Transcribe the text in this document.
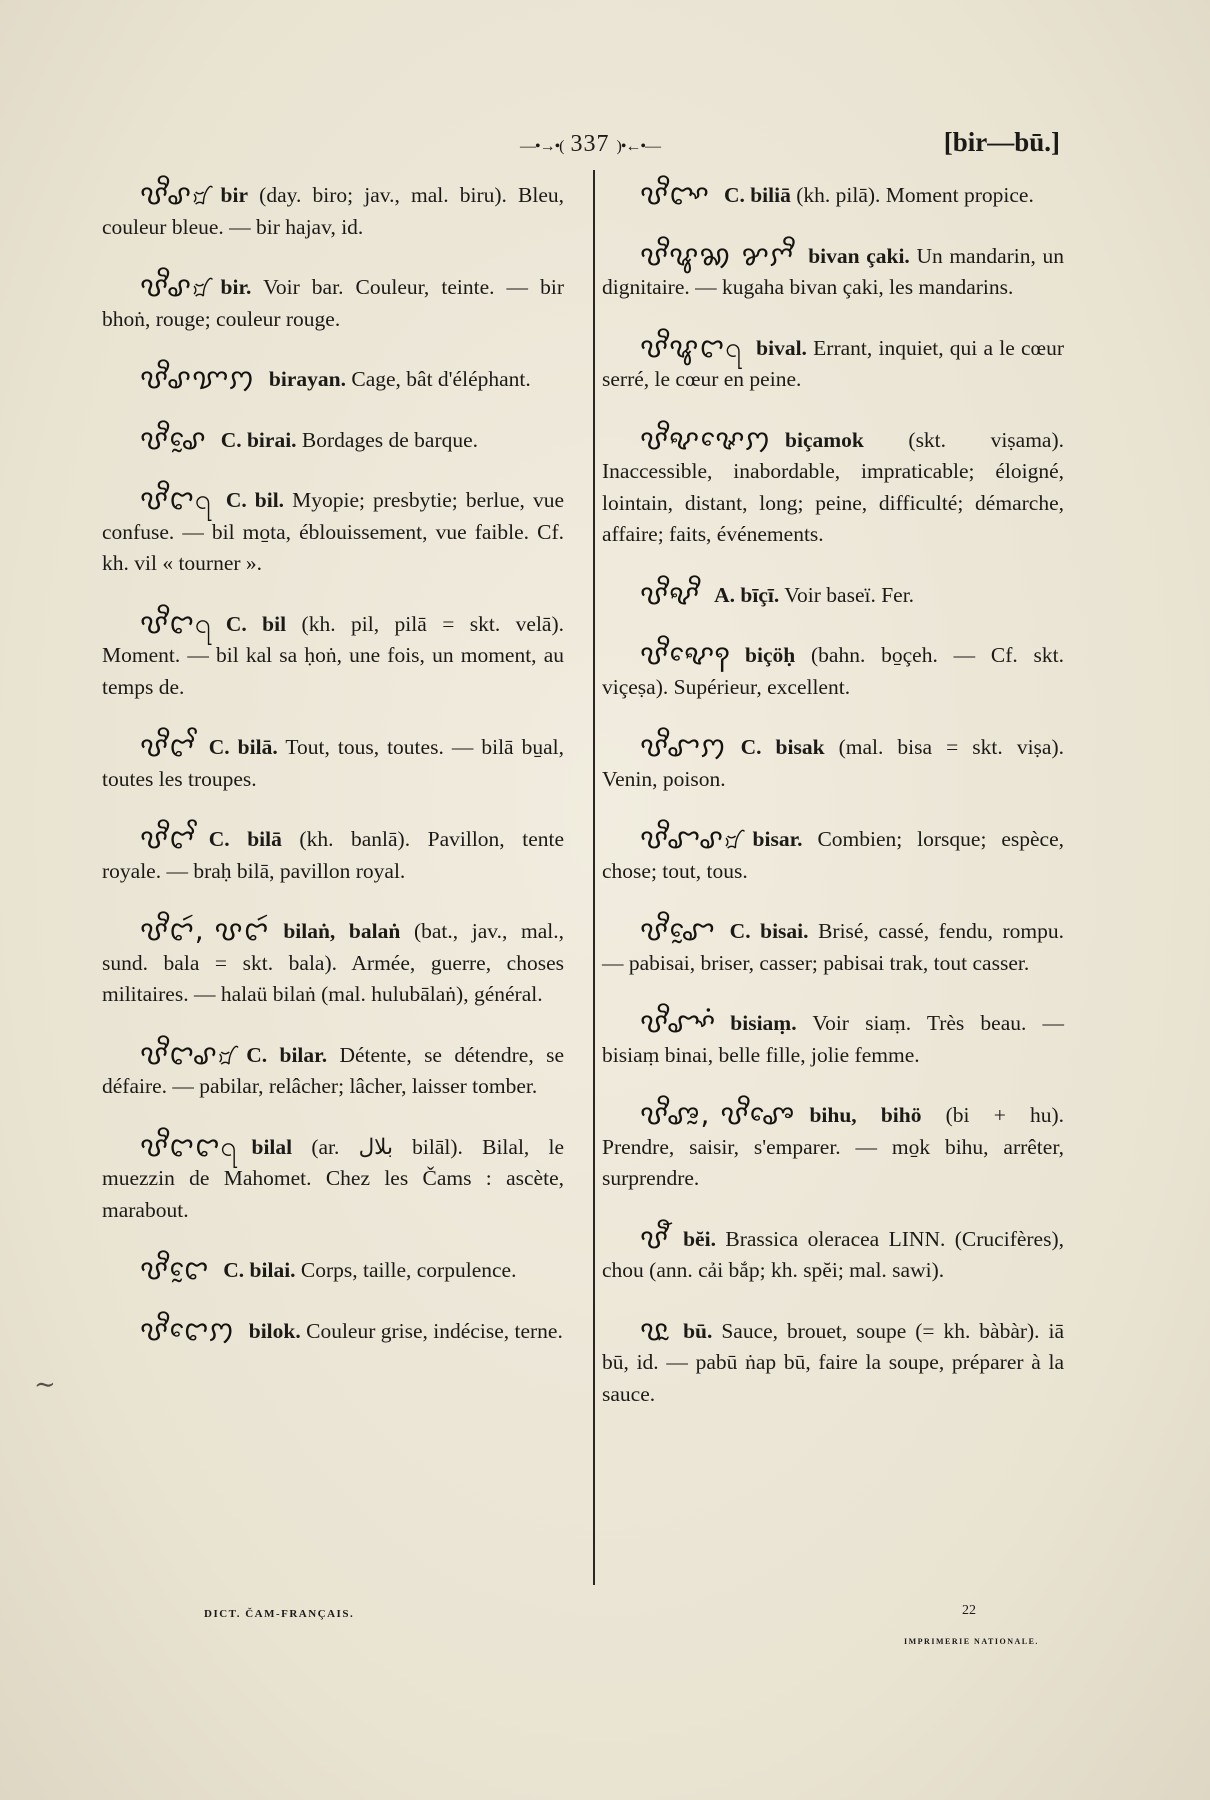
—•→•( 337 )•←•—	[bir—bū.]
ꨝꨪꨣ꩸ bir (day. biro; jav., mal. biru). Bleu, couleur bleue. — bir hajav, id.
ꨝꨪꨣ꩸ bir. Voir bar. Couleur, teinte. — bir bhoṅ, rouge; couleur rouge.
ꨝꨪꨣꨢꩀ birayan. Cage, bât d'éléphant.
ꨝꨪꨣꨰ C. birai. Bordages de barque.
ꨝꨪꨤ꩹ C. bil. Myopie; presbytie; berlue, vue confuse. — bil mo̱ta, éblouissement, vue faible. Cf. kh. vil « tourner ».
ꨝꨪꨤ꩹ C. bil (kh. pil, pilā = skt. velā). Moment. — bil kal sa ḥoṅ, une fois, un moment, au temps de.
ꨝꨪꨤꨩ C. bilā. Tout, tous, toutes. — bilā bu̱al, toutes les troupes.
ꨝꨪꨤꨩ C. bilā (kh. banlā). Pavillon, tente royale. — braḥ bilā, pavillon royal.
ꨝꨪꨤꩃ, ꨝꨤꩃ bilaṅ, balaṅ (bat., jav., mal., sund. bala = skt. bala). Armée, guerre, choses militaires. — halaü bilaṅ (mal. hulubālaṅ), général.
ꨝꨪꨤꨣ꩸ C. bilar. Détente, se détendre, se défaire. — pabilar, relâcher; lâcher, laisser tomber.
ꨝꨪꨤꨤ꩹ bilal (ar. بلال bilāl). Bilal, le muezzin de Mahomet. Chez les Čams : ascète, marabout.
ꨝꨪꨤꨰ C. bilai. Corps, taille, corpulence.
ꨝꨪꨤꨯꩀ bilok. Couleur grise, indécise, terne.
ꨝꨪꨤꨳ C. biliā (kh. pilā). Moment propice.
ꨝꨪꨥꩆ ꨌꨆꨪ bivan çaki. Un mandarin, un dignitaire. — kugaha bivan çaki, les mandarins.
ꨝꨪꨥꨤ꩹ bival. Errant, inquiet, qui a le cœur serré, le cœur en peine.
ꨝꨪꨦꨟꨯꩀ biçamok (skt. viṣama). Inaccessible, inabordable, impraticable; éloigné, lointain, distant, long; peine, difficulté; démarche, affaire; faits, événements.
ꨝꨪꨦꨪ A. bīçī. Voir baseï. Fer.
ꨝꨪꨦꨯꩍ biçöḥ (bahn. bo̱çeh. — Cf. skt. viçeṣa). Supérieur, excellent.
ꨝꨪꨧꩀ C. bisak (mal. bisa = skt. viṣa). Venin, poison.
ꨝꨪꨧꨣ꩸ bisar. Combien; lorsque; espèce, chose; tout, tous.
ꨝꨪꨧꨰ C. bisai. Brisé, cassé, fendu, rompu. — pabisai, briser, casser; pabisai trak, tout casser.
ꨝꨪꨧꨳꩌ bisiaṃ. Voir siaṃ. Très beau. — bisiaṃ binai, belle fille, jolie femme.
ꨝꨪꨨꨭ, ꨝꨪꨨꨯ bihu, bihö (bi + hu). Prendre, saisir, s'emparer. — mo̱k bihu, arrêter, surprendre.
ꨝꨬ bĕi. Brassica oleracea LINN. (Crucifères), chou (ann. cải bắp; kh. spĕi; mal. sawi).
ꨝꨭ bū. Sauce, brouet, soupe (= kh. bàbàr). iā bū, id. — pabū ṅap bū, faire la soupe, préparer à la sauce.
∼
DICT. ČAM-FRANÇAIS.	22
IMPRIMERIE NATIONALE.
